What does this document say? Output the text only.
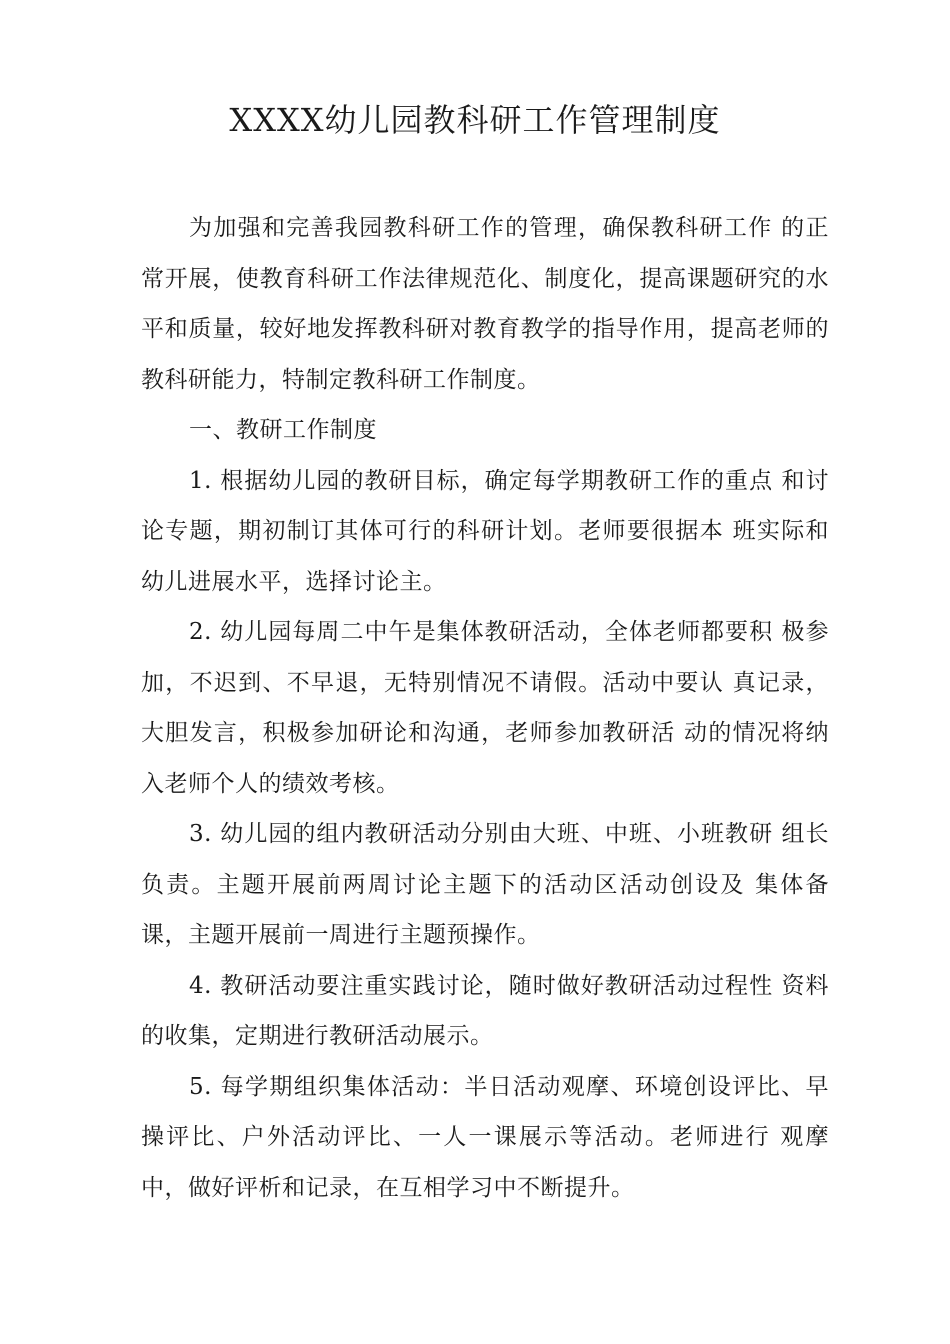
XXXX幼儿园教科研工作管理制度

为加强和完善我园教科研工作的管理，确保教科研工作 的正常开展，使教育科研工作法律规范化、制度化，提高课题研究的水平和质量，较好地发挥教科研对教育教学的指导作用，提高老师的教科研能力，特制定教科研工作制度。

一、教研工作制度

1. 根据幼儿园的教研目标，确定每学期教研工作的重点 和讨论专题，期初制订其体可行的科研计划。老师要很据本 班实际和幼儿进展水平，选择讨论主。

2. 幼儿园每周二中午是集体教研活动，全体老师都要积 极参加，不迟到、不早退，无特别情况不请假。活动中要认 真记录，大胆发言，积极参加研论和沟通，老师参加教研活 动的情况将纳入老师个人的绩效考核。

3. 幼儿园的组内教研活动分别由大班、中班、小班教研 组长负责。主题开展前两周讨论主题下的活动区活动创设及 集体备课，主题开展前一周进行主题预操作。

4. 教研活动要注重实践讨论，随时做好教研活动过程性 资料的收集，定期进行教研活动展示。

5. 每学期组织集体活动：半日活动观摩、环境创设评比、早操评比、户外活动评比、一人一课展示等活动。老师进行 观摩中，做好评析和记录，在互相学习中不断提升。
